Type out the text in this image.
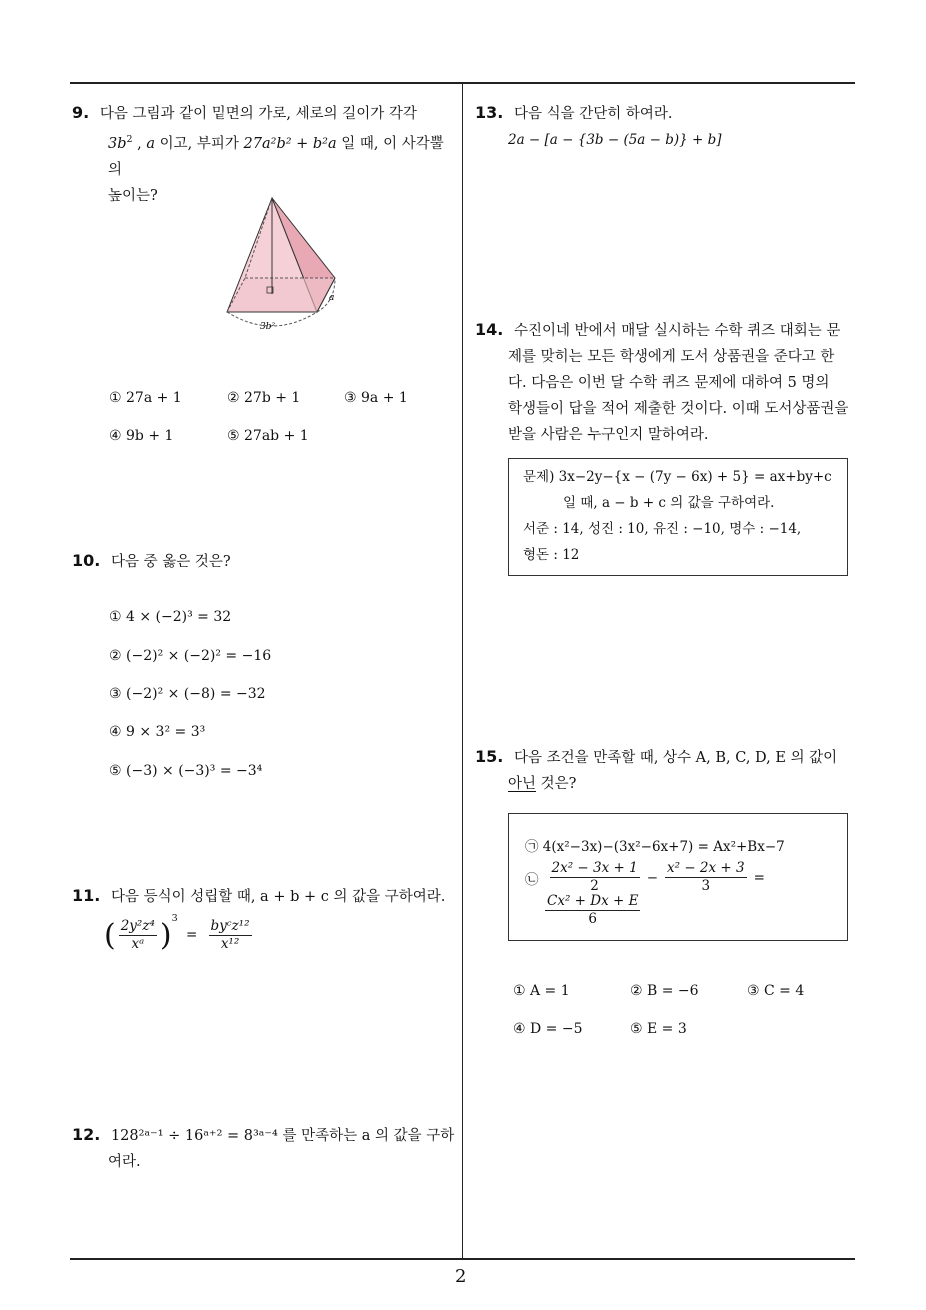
9. 다음 그림과 같이 밑면의 가로, 세로의 길이가 각각
$3b^2$ , a 이고, 부피가 27a²b² + b²a 일 때, 이 사각뿔의
높이는?
a
3b²
① 27a + 1	② 27b + 1	③ 9a + 1
④ 9b + 1	⑤ 27ab + 1
10. 다음 중 옳은 것은?
① 4 × (−2)³ = 32
② (−2)² × (−2)² = −16
③ (−2)² × (−8) = −32
④ 9 × 3² = 3³
⑤ (−3) × (−3)³ = −3⁴
11. 다음 등식이 성립할 때, a + b + c 의 값을 구하여라.
( $\frac{\text{2y²z⁴}}{\text{xᵃ}} )^3 = \frac{\text{byᶜz¹²}}{\text{x¹²}}$
12. 128²ᵃ⁻¹ ÷ 16ᵃ⁺² = 8³ᵃ⁻⁴ 를 만족하는 a 의 값을 구하
여라.
13. 다음 식을 간단히 하여라.
2a − [a − {3b − (5a − b)} + b]
14. 수진이네 반에서 매달 실시하는 수학 퀴즈 대회는 문
제를 맞히는 모든 학생에게 도서 상품권을 준다고 한
다. 다음은 이번 달 수학 퀴즈 문제에 대하여 5 명의
학생들이 답을 적어 제출한 것이다. 이때 도서상품권을
받을 사람은 누구인지 말하여라.
문제) 3x−2y−{x − (7y − 6x) + 5} = ax+by+c
일 때, a − b + c 의 값을 구하여라.
서준 : 14, 성진 : 10, 유진 : −10, 명수 : −14,
형돈 : 12
15. 다음 조건을 만족할 때, 상수 A, B, C, D, E 의 값이
아닌 것은?
㉠ 4(x²−3x)−(3x²−6x+7) = Ax²+Bx−7
㉡ $\frac{\text{2x² − 3x + 1}}{2} - \frac{\text{x² − 2x + 3}}{3}$ =
$\frac{\text{Cx² + Dx + E}}{6}$
① A = 1	② B = −6	③ C = 4
④ D = −5	⑤ E = 3
2
